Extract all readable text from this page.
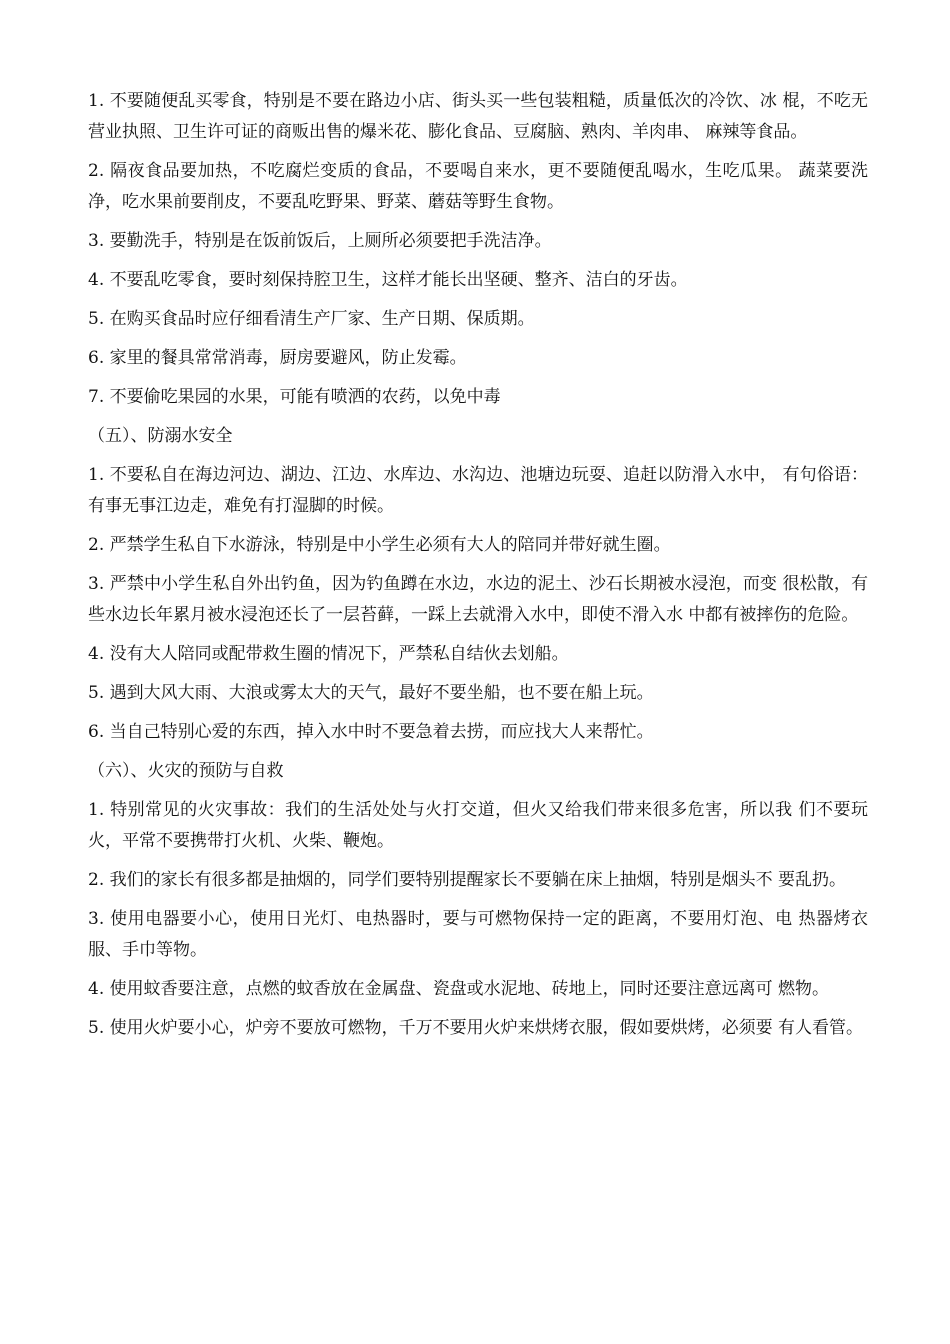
1. 不要随便乱买零食，特别是不要在路边小店、街头买一些包装粗糙，质量低次的冷饮、冰 棍，不吃无营业执照、卫生许可证的商贩出售的爆米花、膨化食品、豆腐脑、熟肉、羊肉串、 麻辣等食品。

2. 隔夜食品要加热，不吃腐烂变质的食品，不要喝自来水，更不要随便乱喝水，生吃瓜果。 蔬菜要洗净，吃水果前要削皮，不要乱吃野果、野菜、蘑菇等野生食物。

3. 要勤洗手，特别是在饭前饭后，上厕所必须要把手洗洁净。

4. 不要乱吃零食，要时刻保持腔卫生，这样才能长出坚硬、整齐、洁白的牙齿。

5. 在购买食品时应仔细看清生产厂家、生产日期、保质期。

6. 家里的餐具常常消毒，厨房要避风，防止发霉。

7. 不要偷吃果园的水果，可能有喷洒的农药，以免中毒

（五）、防溺水安全

1. 不要私自在海边河边、湖边、江边、水库边、水沟边、池塘边玩耍、追赶以防滑入水中， 有句俗语：有事无事江边走，难免有打湿脚的时候。

2. 严禁学生私自下水游泳，特别是中小学生必须有大人的陪同并带好就生圈。

3. 严禁中小学生私自外出钓鱼，因为钓鱼蹲在水边，水边的泥土、沙石长期被水浸泡，而变 很松散，有些水边长年累月被水浸泡还长了一层苔藓，一踩上去就滑入水中，即使不滑入水 中都有被摔伤的危险。

4. 没有大人陪同或配带救生圈的情况下，严禁私自结伙去划船。

5. 遇到大风大雨、大浪或雾太大的天气，最好不要坐船，也不要在船上玩。

6. 当自己特别心爱的东西，掉入水中时不要急着去捞，而应找大人来帮忙。

（六）、火灾的预防与自救

1. 特别常见的火灾事故：我们的生活处处与火打交道，但火又给我们带来很多危害，所以我 们不要玩火，平常不要携带打火机、火柴、鞭炮。

2. 我们的家长有很多都是抽烟的，同学们要特别提醒家长不要躺在床上抽烟，特别是烟头不 要乱扔。

3. 使用电器要小心，使用日光灯、电热器时，要与可燃物保持一定的距离，不要用灯泡、电 热器烤衣服、手巾等物。

4. 使用蚊香要注意，点燃的蚊香放在金属盘、瓷盘或水泥地、砖地上，同时还要注意远离可 燃物。

5. 使用火炉要小心，炉旁不要放可燃物，千万不要用火炉来烘烤衣服，假如要烘烤，必须要 有人看管。
